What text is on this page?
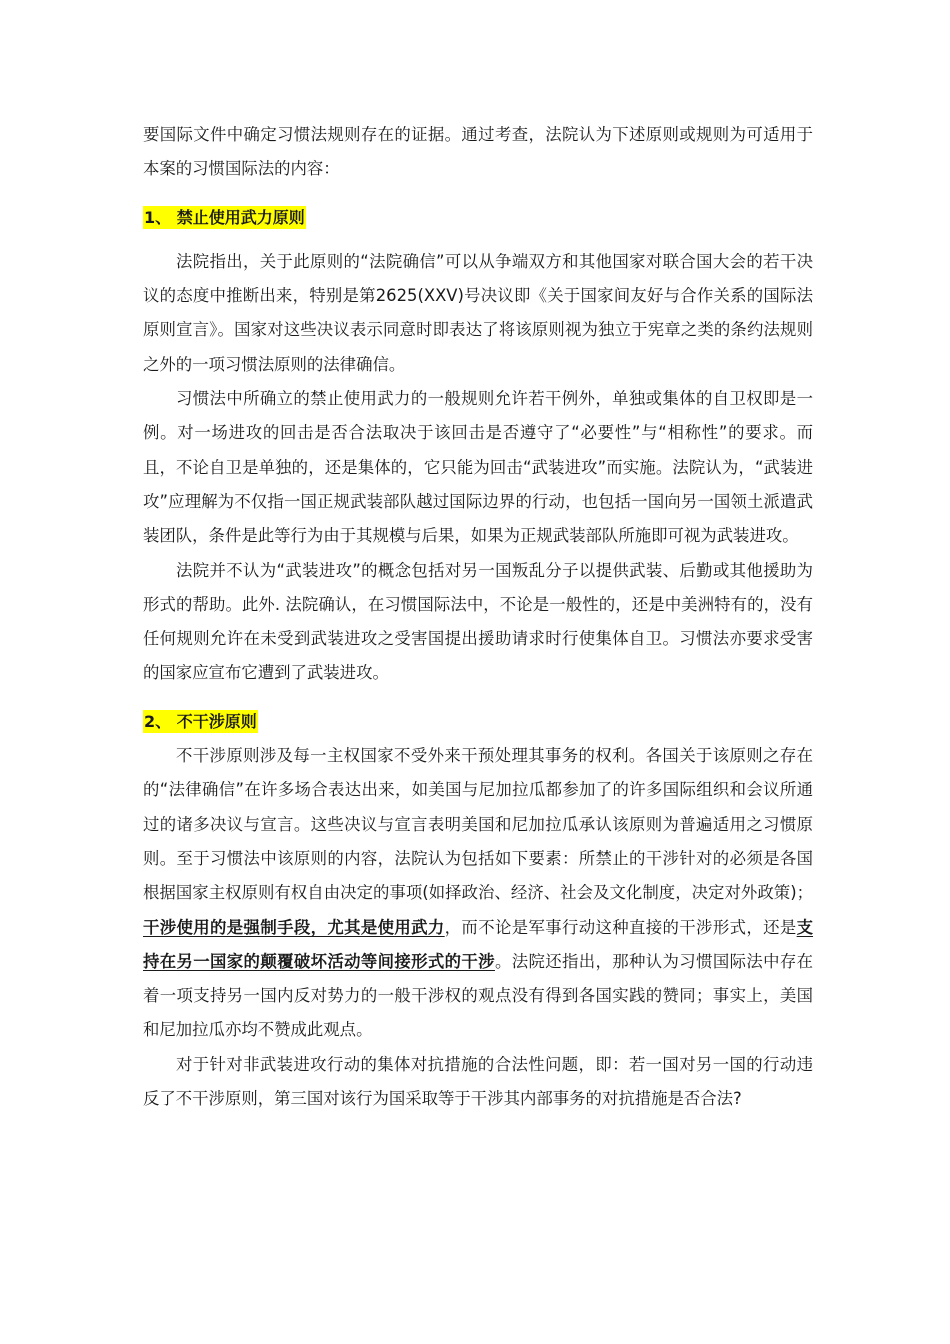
要国际文件中确定习惯法规则存在的证据。通过考查，法院认为下述原则或规则为可适用于本案的习惯国际法的内容：

1、 禁止使用武力原则

法院指出，关于此原则的“法院确信”可以从争端双方和其他国家对联合国大会的若干决议的态度中推断出来，特别是第2625(XXV)号决议即《关于国家间友好与合作关系的国际法原则宣言》。国家对这些决议表示同意时即表达了将该原则视为独立于宪章之类的条约法规则之外的一项习惯法原则的法律确信。

习惯法中所确立的禁止使用武力的一般规则允许若干例外，单独或集体的自卫权即是一例。对一场进攻的回击是否合法取决于该回击是否遵守了“必要性”与“相称性”的要求。而且，不论自卫是单独的，还是集体的，它只能为回击“武装进攻”而实施。法院认为，“武装进攻”应理解为不仅指一国正规武装部队越过国际边界的行动，也包括一国向另一国领土派遣武装团队，条件是此等行为由于其规模与后果，如果为正规武装部队所施即可视为武装进攻。

法院并不认为“武装进攻”的概念包括对另一国叛乱分子以提供武装、后勤或其他援助为形式的帮助。此外. 法院确认，在习惯国际法中，不论是一般性的，还是中美洲特有的，没有任何规则允许在未受到武装进攻之受害国提出援助请求时行使集体自卫。习惯法亦要求受害的国家应宣布它遭到了武装进攻。

2、 不干涉原则

不干涉原则涉及每一主权国家不受外来干预处理其事务的权利。各国关于该原则之存在的“法律确信”在许多场合表达出来，如美国与尼加拉瓜都参加了的许多国际组织和会议所通过的诸多决议与宣言。这些决议与宣言表明美国和尼加拉瓜承认该原则为普遍适用之习惯原则。至于习惯法中该原则的内容，法院认为包括如下要素：所禁止的干涉针对的必须是各国根据国家主权原则有权自由决定的事项(如择政治、经济、社会及文化制度，决定对外政策)；干涉使用的是强制手段，尤其是使用武力，而不论是军事行动这种直接的干涉形式，还是支持在另一国家的颠覆破坏活动等间接形式的干涉。法院还指出，那种认为习惯国际法中存在着一项支持另一国内反对势力的一般干涉权的观点没有得到各国实践的赞同；事实上，美国和尼加拉瓜亦均不赞成此观点。

对于针对非武装进攻行动的集体对抗措施的合法性问题，即：若一国对另一国的行动违反了不干涉原则，第三国对该行为国采取等于干涉其内部事务的对抗措施是否合法?
